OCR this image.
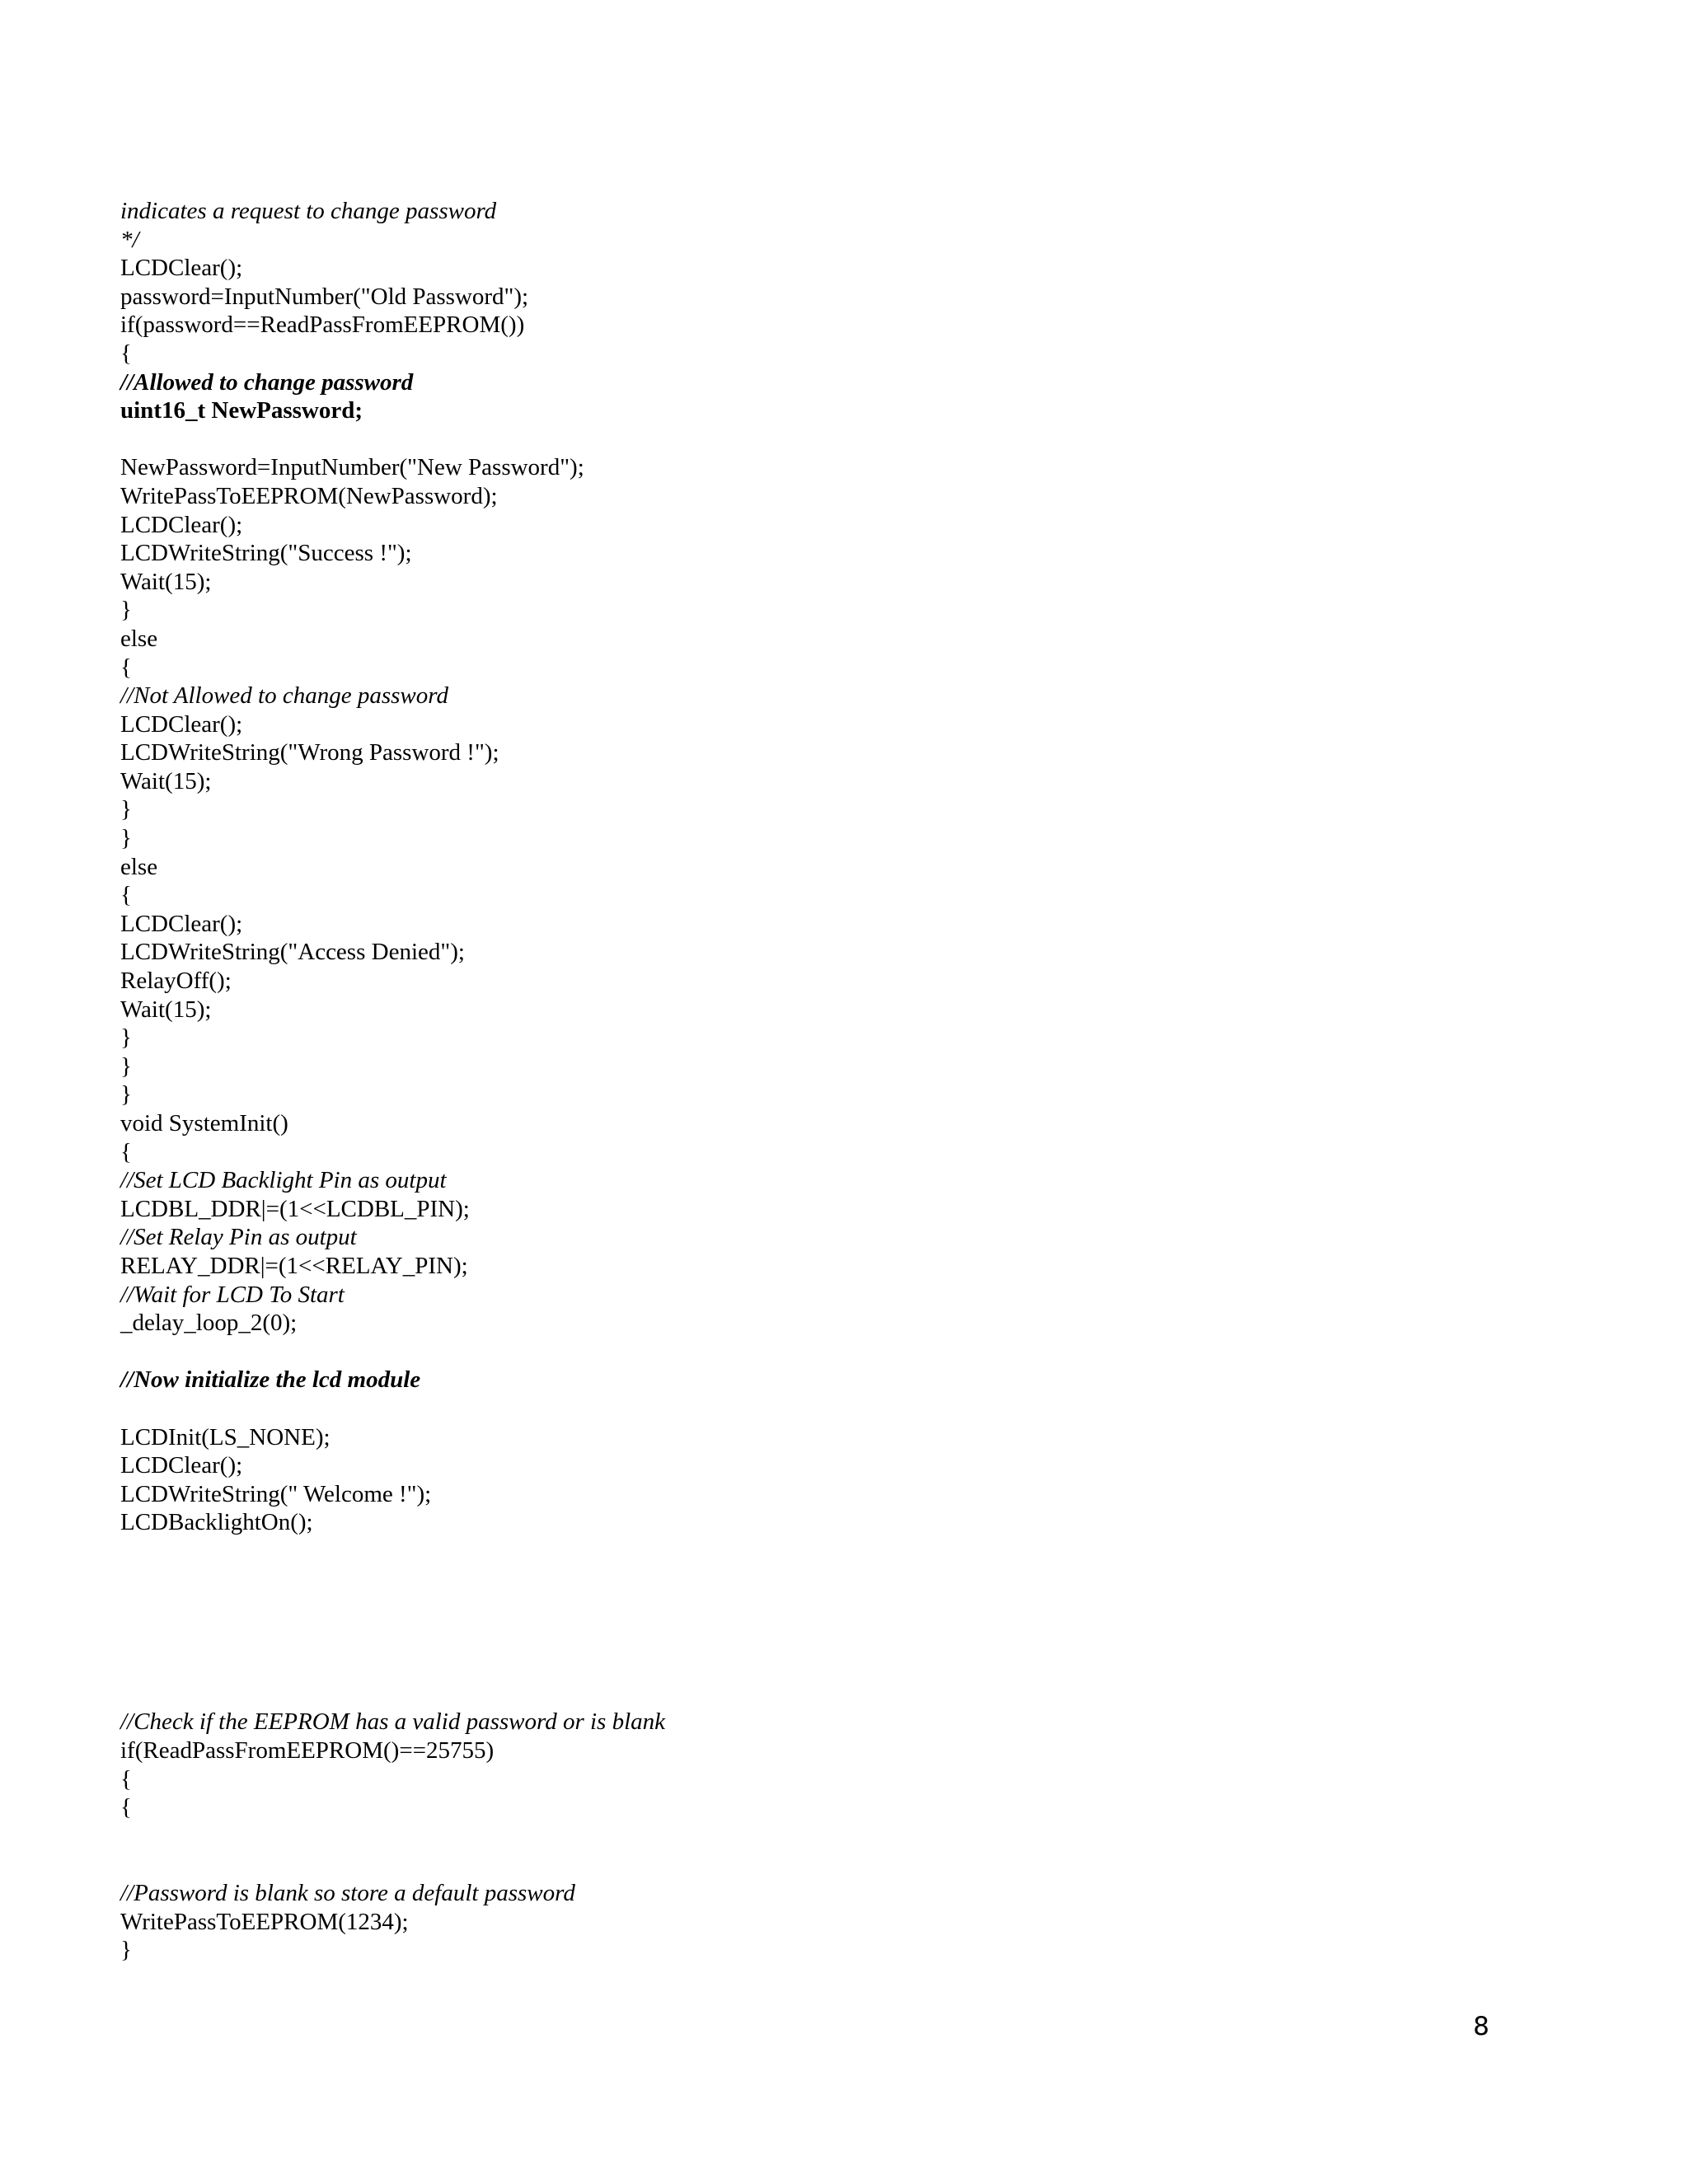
indicates a request to change password
*/
LCDClear();
password=InputNumber("Old Password");
if(password==ReadPassFromEEPROM())
{
//Allowed to change password
uint16_t NewPassword;
NewPassword=InputNumber("New Password");
WritePassToEEPROM(NewPassword);
LCDClear();
LCDWriteString("Success !");
Wait(15);
}
else
{
//Not Allowed to change password
LCDClear();
LCDWriteString("Wrong Password !");
Wait(15);
}
}
else
{
LCDClear();
LCDWriteString("Access Denied");
RelayOff();
Wait(15);
}
}
}
void SystemInit()
{
//Set LCD Backlight Pin as output
LCDBL_DDR|=(1<<LCDBL_PIN);
//Set Relay Pin as output
RELAY_DDR|=(1<<RELAY_PIN);
//Wait for LCD To Start
_delay_loop_2(0);
//Now initialize the lcd module
LCDInit(LS_NONE);
LCDClear();
LCDWriteString(" Welcome !");
LCDBacklightOn();
//Check if the EEPROM has a valid password or is blank
if(ReadPassFromEEPROM()==25755)
{
{
//Password is blank so store a default password
WritePassToEEPROM(1234);
}
8
